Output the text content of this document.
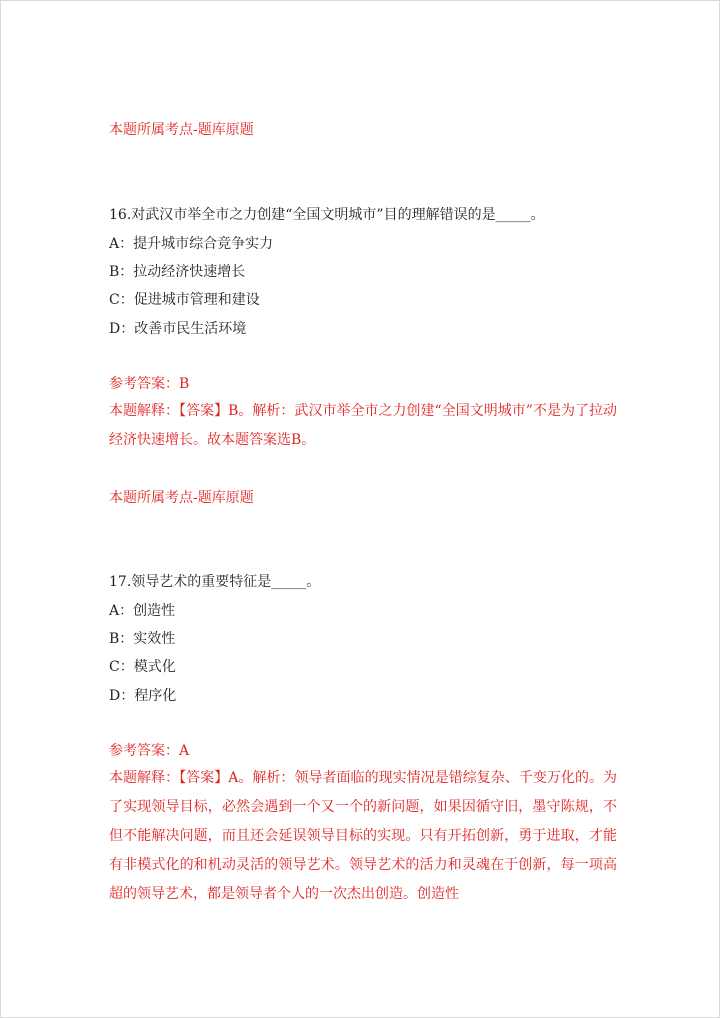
本题所属考点-题库原题
16.对武汉市举全市之力创建“全国文明城市”目的理解错误的是_____。
A：提升城市综合竞争实力
B：拉动经济快速增长
C：促进城市管理和建设
D：改善市民生活环境
参考答案：B
本题解释：【答案】B。解析：武汉市举全市之力创建“全国文明城市”不是为了拉动经济快速增长。故本题答案选B。
本题所属考点-题库原题
17.领导艺术的重要特征是_____。
A：创造性
B：实效性
C：模式化
D：程序化
参考答案：A
本题解释：【答案】A。解析：领导者面临的现实情况是错综复杂、千变万化的。为了实现领导目标，必然会遇到一个又一个的新问题，如果因循守旧，墨守陈规，不但不能解决问题，而且还会延误领导目标的实现。只有开拓创新，勇于进取，才能有非模式化的和机动灵活的领导艺术。领导艺术的活力和灵魂在于创新，每一项高超的领导艺术，都是领导者个人的一次杰出创造。创造性
